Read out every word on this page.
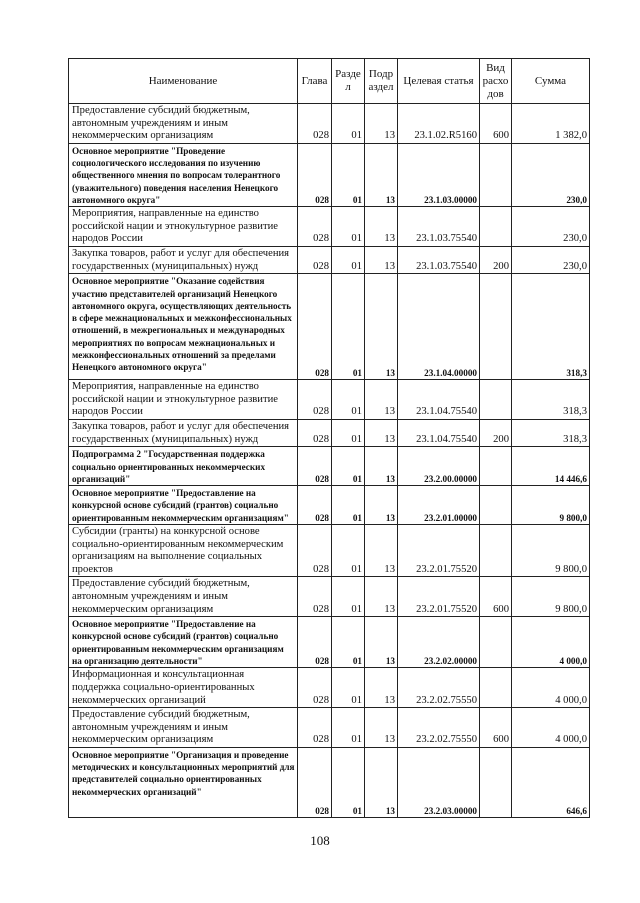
Наименование	Глава	Разде л	Подр аздел	Целевая статья	Вид расхо дов	Сумма
Предоставление субсидий бюджетным, автономным учреждениям и иным некоммерческим организациям	028	01	13	23.1.02.R5160	600	1 382,0
Основное мероприятие "Проведение социологического исследования по изучению общественного мнения по вопросам толерантного (уважительного) поведения населения Ненецкого автономного округа"	028	01	13	23.1.03.00000		230,0
Мероприятия, направленные на единство российской нации и этнокультурное развитие народов России	028	01	13	23.1.03.75540		230,0
Закупка товаров, работ и услуг для обеспечения государственных (муниципальных) нужд	028	01	13	23.1.03.75540	200	230,0
Основное мероприятие "Оказание содействия участию представителей организаций Ненецкого автономного округа, осуществляющих деятельность в сфере межнациональных и межконфессиональных отношений, в межрегиональных и международных мероприятиях по вопросам межнациональных и межконфессиональных отношений за пределами Ненецкого автономного округа"	028	01	13	23.1.04.00000		318,3
Мероприятия, направленные на единство российской нации и этнокультурное развитие народов России	028	01	13	23.1.04.75540		318,3
Закупка товаров, работ и услуг для обеспечения государственных (муниципальных) нужд	028	01	13	23.1.04.75540	200	318,3
Подпрограмма 2 "Государственная поддержка социально ориентированных некоммерческих организаций"	028	01	13	23.2.00.00000		14 446,6
Основное мероприятие "Предоставление на конкурсной основе субсидий (грантов) социально ориентированным некоммерческим организациям"	028	01	13	23.2.01.00000		9 800,0
Субсидии (гранты) на конкурсной основе социально-ориентированным некоммерческим организациям на выполнение социальных проектов	028	01	13	23.2.01.75520		9 800,0
Предоставление субсидий бюджетным, автономным учреждениям и иным некоммерческим организациям	028	01	13	23.2.01.75520	600	9 800,0
Основное мероприятие "Предоставление на конкурсной основе субсидий (грантов) социально ориентированным некоммерческим организациям на организацию деятельности"	028	01	13	23.2.02.00000		4 000,0
Информационная и консультационная поддержка социально-ориентированных некоммерческих организаций	028	01	13	23.2.02.75550		4 000,0
Предоставление субсидий бюджетным, автономным учреждениям и иным некоммерческим организациям	028	01	13	23.2.02.75550	600	4 000,0
Основное мероприятие "Организация и проведение методических и консультационных мероприятий для представителей социально ориентированных некоммерческих организаций"	028	01	13	23.2.03.00000		646,6
108
